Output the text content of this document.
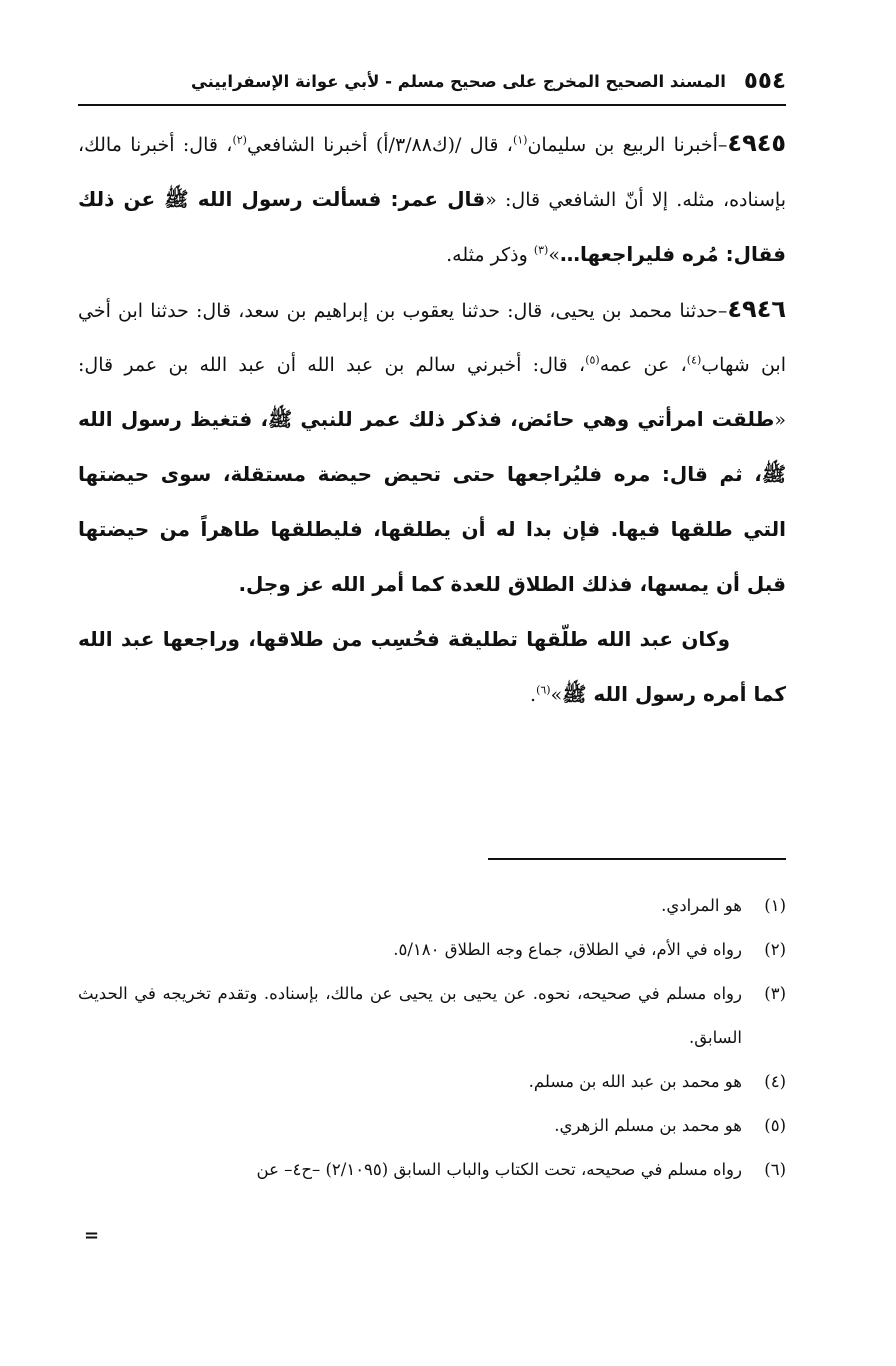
٥٥٤
المسند الصحيح المخرج على صحيح مسلم - لأبي عوانة الإسفراييني

٤٩٤٥–أخبرنا الربيع بن سليمان$^{(١)}$، قال /(ك٣/٨٨/أ) أخبرنا الشافعي$^{(٢)}$، قال: أخبرنا مالك، بإسناده، مثله. إلا أنّ الشافعي قال: «قال عمر: فسألت رسول الله ﷺ عن ذلك فقال: مُره فليراجعها…»$^{(٣)}$ وذكر مثله.

٤٩٤٦–حدثنا محمد بن يحيى، قال: حدثنا يعقوب بن إبراهيم بن سعد، قال: حدثنا ابن أخي ابن شهاب$^{(٤)}$، عن عمه$^{(٥)}$، قال: أخبرني سالم بن عبد الله أن عبد الله بن عمر قال: «طلقت امرأتي وهي حائض، فذكر ذلك عمر للنبي ﷺ، فتغيظ رسول الله ﷺ، ثم قال: مره فليُراجعها حتى تحيض حيضة مستقلة، سوى حيضتها التي طلقها فيها. فإن بدا له أن يطلقها، فليطلقها طاهراً من حيضتها قبل أن يمسها، فذلك الطلاق للعدة كما أمر الله عز وجل.

وكان عبد الله طلّقها تطليقة فحُسِب من طلاقها، وراجعها عبد الله كما أمره رسول الله ﷺ»$^{(٦)}$.

(١)
هو المرادي.
(٢)
رواه في الأم، في الطلاق، جماع وجه الطلاق ٥/١٨٠.
(٣)
رواه مسلم في صحيحه، نحوه. عن يحيى بن يحيى عن مالك، بإسناده. وتقدم تخريجه في الحديث السابق.
(٤)
هو محمد بن عبد الله بن مسلم.
(٥)
هو محمد بن مسلم الزهري.
(٦)
رواه مسلم في صحيحه، تحت الكتاب والباب السابق (٢/١٠٩٥) –ح٤– عن
=
